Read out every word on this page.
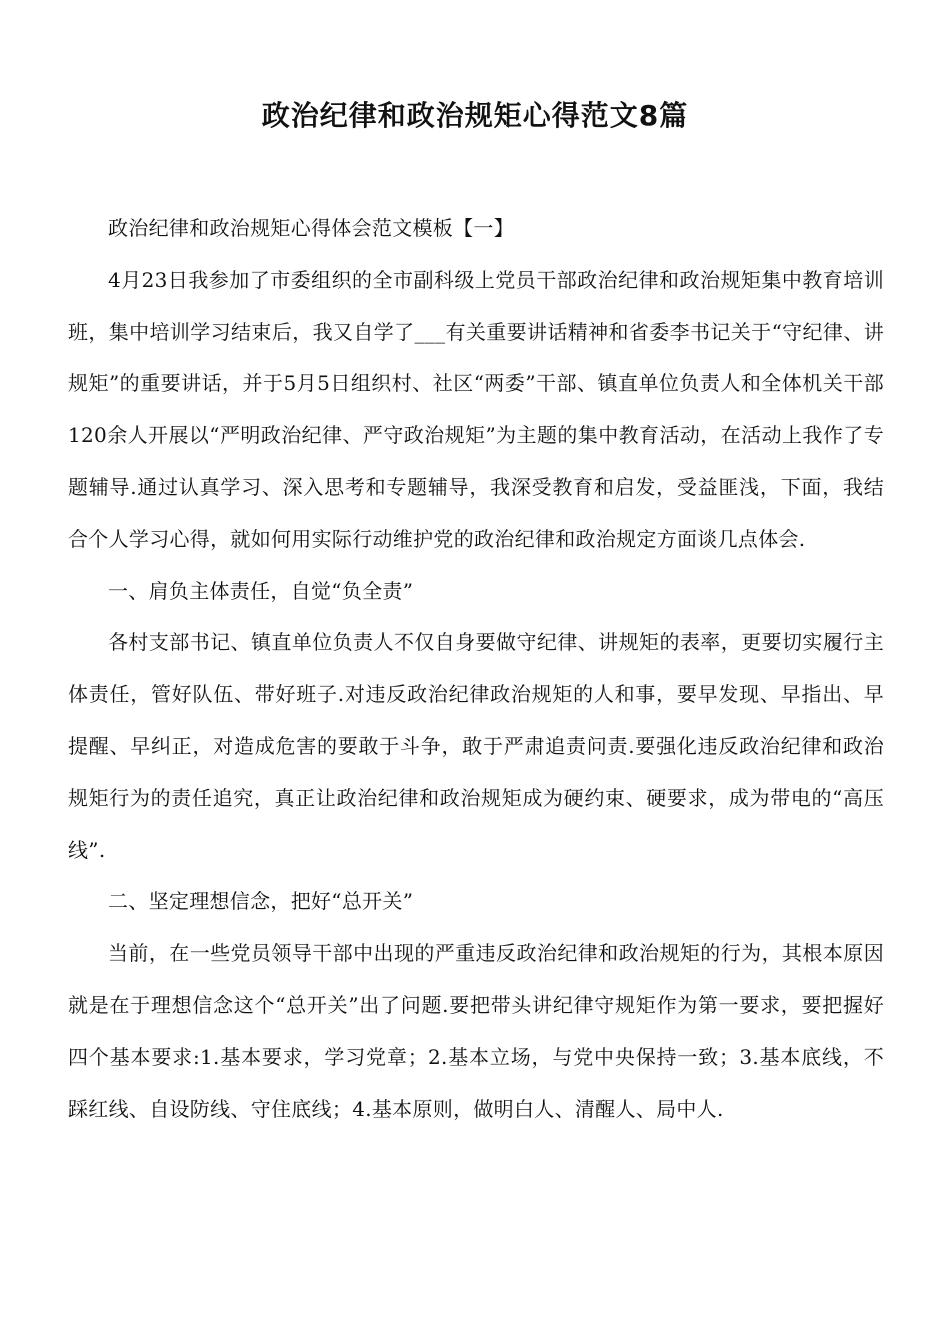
政治纪律和政治规矩心得范文8篇

政治纪律和政治规矩心得体会范文模板【一】

4月23日我参加了市委组织的全市副科级上党员干部政治纪律和政治规矩集中教育培训班，集中培训学习结束后，我又自学了___有关重要讲话精神和省委李书记关于“守纪律、讲规矩”的重要讲话，并于5月5日组织村、社区“两委”干部、镇直单位负责人和全体机关干部120余人开展以“严明政治纪律、严守政治规矩”为主题的集中教育活动，在活动上我作了专题辅导.通过认真学习、深入思考和专题辅导，我深受教育和启发，受益匪浅，下面，我结合个人学习心得，就如何用实际行动维护党的政治纪律和政治规定方面谈几点体会.

一、肩负主体责任，自觉“负全责”

各村支部书记、镇直单位负责人不仅自身要做守纪律、讲规矩的表率，更要切实履行主体责任，管好队伍、带好班子.对违反政治纪律政治规矩的人和事，要早发现、早指出、早提醒、早纠正，对造成危害的要敢于斗争，敢于严肃追责问责.要强化违反政治纪律和政治规矩行为的责任追究，真正让政治纪律和政治规矩成为硬约束、硬要求，成为带电的“高压线”.

二、坚定理想信念，把好“总开关”

当前，在一些党员领导干部中出现的严重违反政治纪律和政治规矩的行为，其根本原因就是在于理想信念这个“总开关”出了问题.要把带头讲纪律守规矩作为第一要求，要把握好四个基本要求:1.基本要求，学习党章；2.基本立场，与党中央保持一致；3.基本底线，不踩红线、自设防线、守住底线；4.基本原则，做明白人、清醒人、局中人.
